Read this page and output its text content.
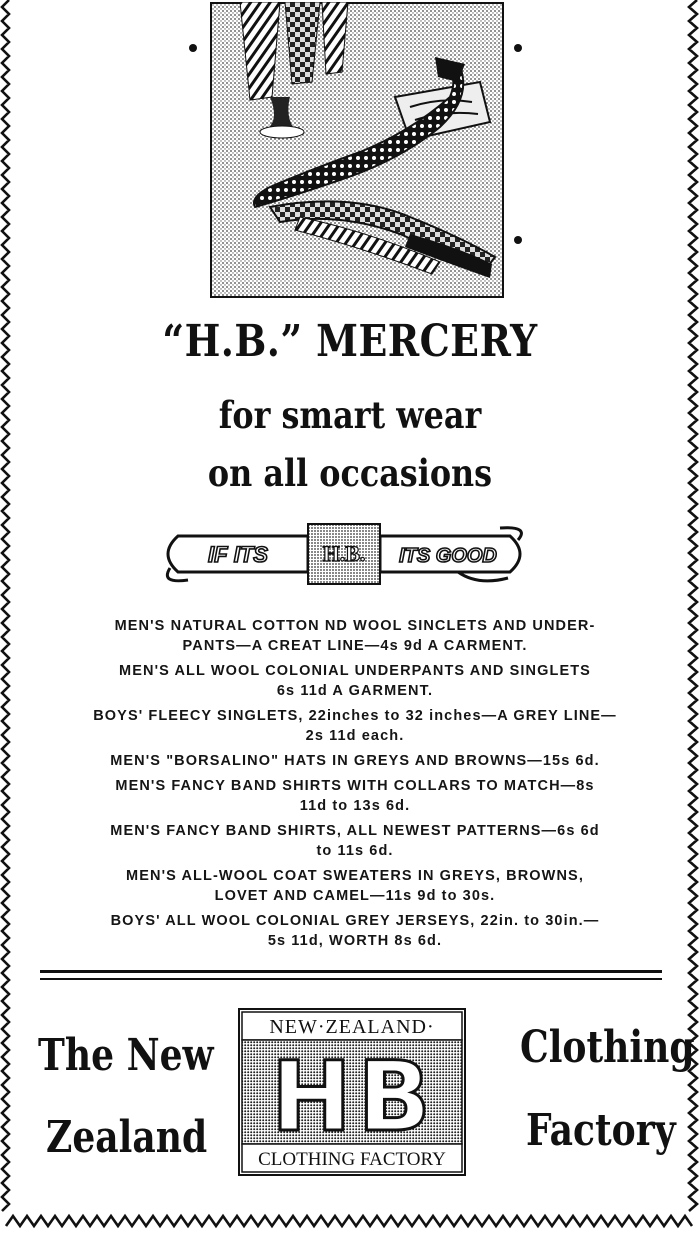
“H.B.” MERCERY
for smart wear
on all occasions
IF ITS H.B. ITS GOOD
MEN'S NATURAL COTTON ND WOOL SINCLETS AND UNDER-
PANTS—A CREAT LINE—4s 9d A CARMENT.
MEN'S ALL WOOL COLONIAL UNDERPANTS AND SINGLETS
6s 11d A GARMENT.
BOYS' FLEECY SINGLETS, 22inches to 32 inches—A GREY LINE—
2s 11d each.
MEN'S "BORSALINO" HATS IN GREYS AND BROWNS—15s 6d.
MEN'S FANCY BAND SHIRTS WITH COLLARS TO MATCH—8s
11d to 13s 6d.
MEN'S FANCY BAND SHIRTS, ALL NEWEST PATTERNS—6s 6d
to 11s 6d.
MEN'S ALL-WOOL COAT SWEATERS IN GREYS, BROWNS,
LOVET AND CAMEL—11s 9d to 30s.
BOYS' ALL WOOL COLONIAL GREY JERSEYS, 22in. to 30in.—
5s 11d, WORTH 8s 6d.
The New
Zealand
Clothing
Factory
NEW·ZEALAND·
HB
CLOTHING FACTORY
